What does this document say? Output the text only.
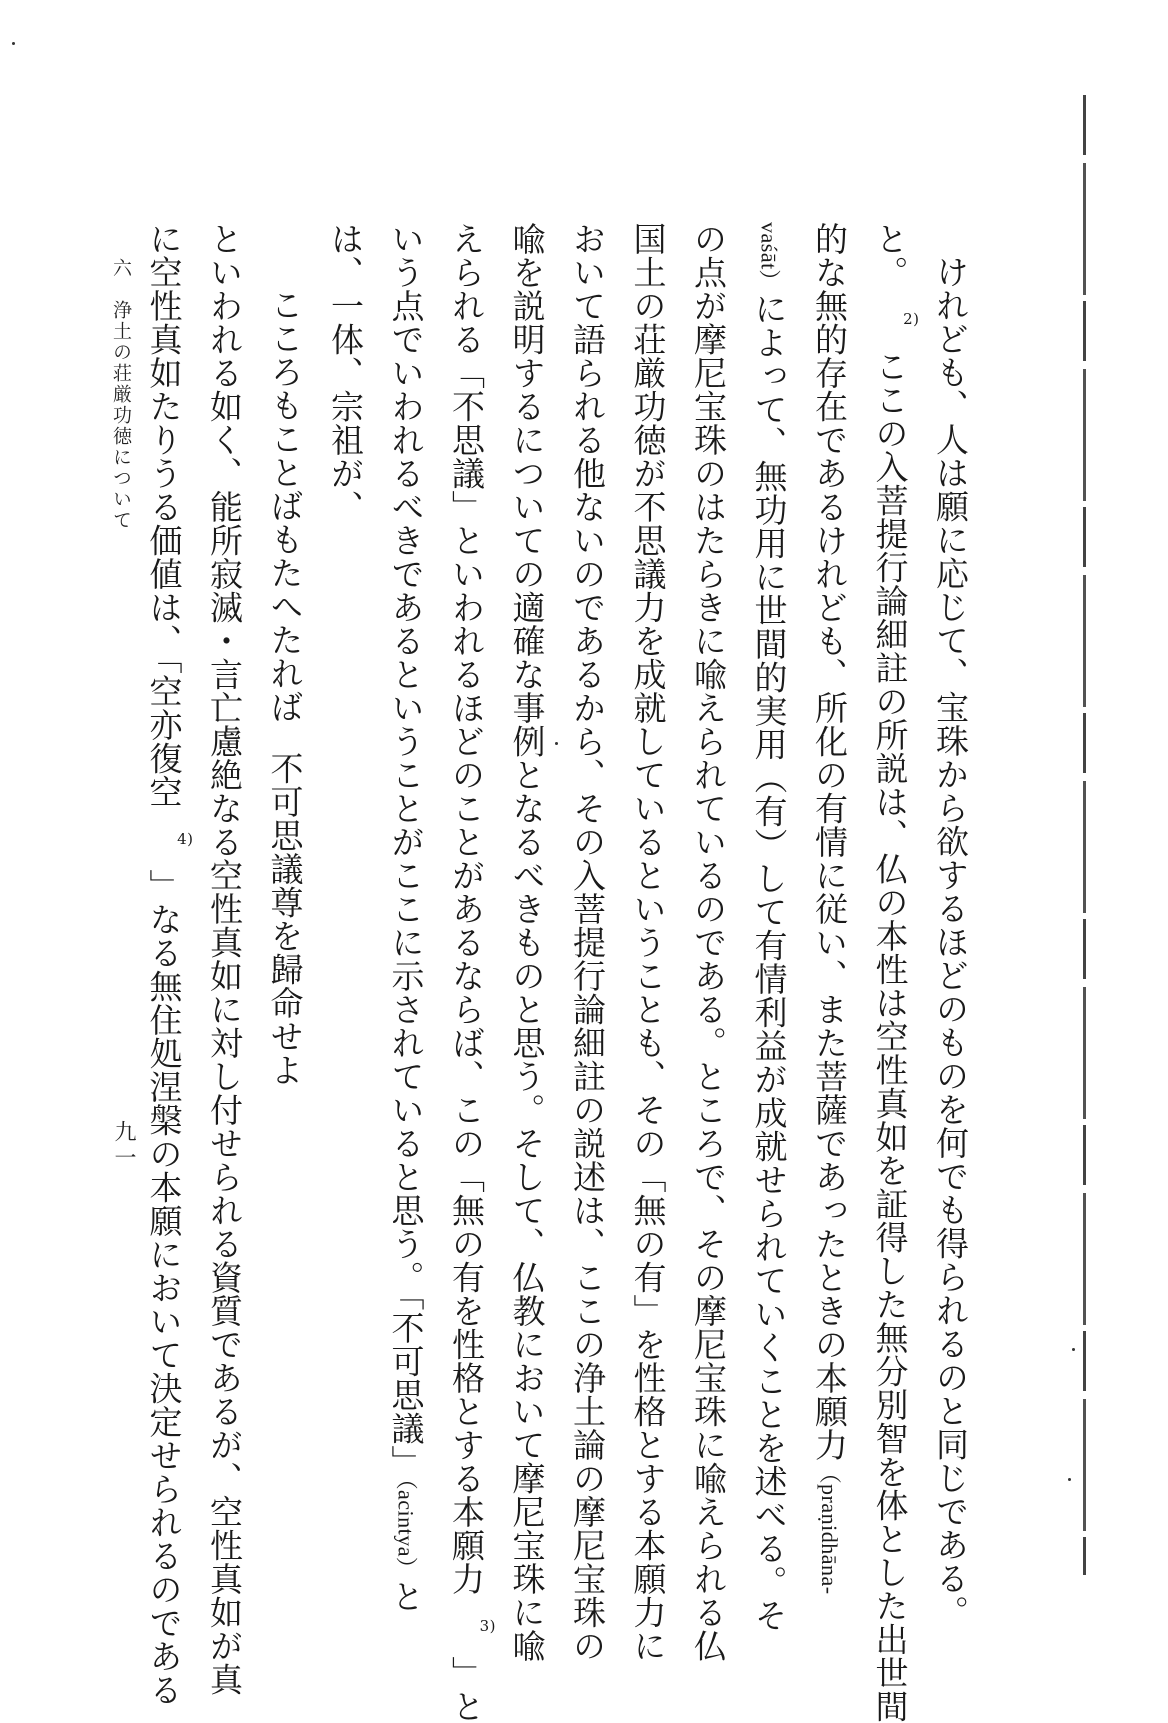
けれども、人は願に応じて、宝珠から欲するほどのものを何でも得られるのと同じである。
と。2)ここの入菩提行論細註の所説は、仏の本性は空性真如を証得した無分別智を体とした出世間
的な無的存在であるけれども、所化の有情に従い、また菩薩であったときの本願力（praṇidhāna-
vaśāt）によって、無功用に世間的実用（有）して有情利益が成就せられていくことを述べる。そ
の点が摩尼宝珠のはたらきに喩えられているのである。ところで、その摩尼宝珠に喩えられる仏
国土の荘厳功徳が不思議力を成就しているということも、その「無の有」を性格とする本願力に
おいて語られる他ないのであるから、その入菩提行論細註の説述は、ここの浄土論の摩尼宝珠の
喩を説明するについての適確な事例となるべきものと思う。そして、仏教において摩尼宝珠に喩
えられる「不思議」といわれるほどのことがあるならば、この「無の有を性格とする本願力3)」と
いう点でいわれるべきであるということがここに示されていると思う。「不可思議」（acintya）と
は、一体、宗祖が、
こころもことばもたへたれば不可思議尊を歸命せよ
といわれる如く、能所寂滅・言亡慮絶なる空性真如に対し付せられる資質であるが、空性真如が真
に空性真如たりうる価値は、「空亦復空4)」なる無住処涅槃の本願において決定せられるのである
六　浄土の荘厳功徳について
九一
